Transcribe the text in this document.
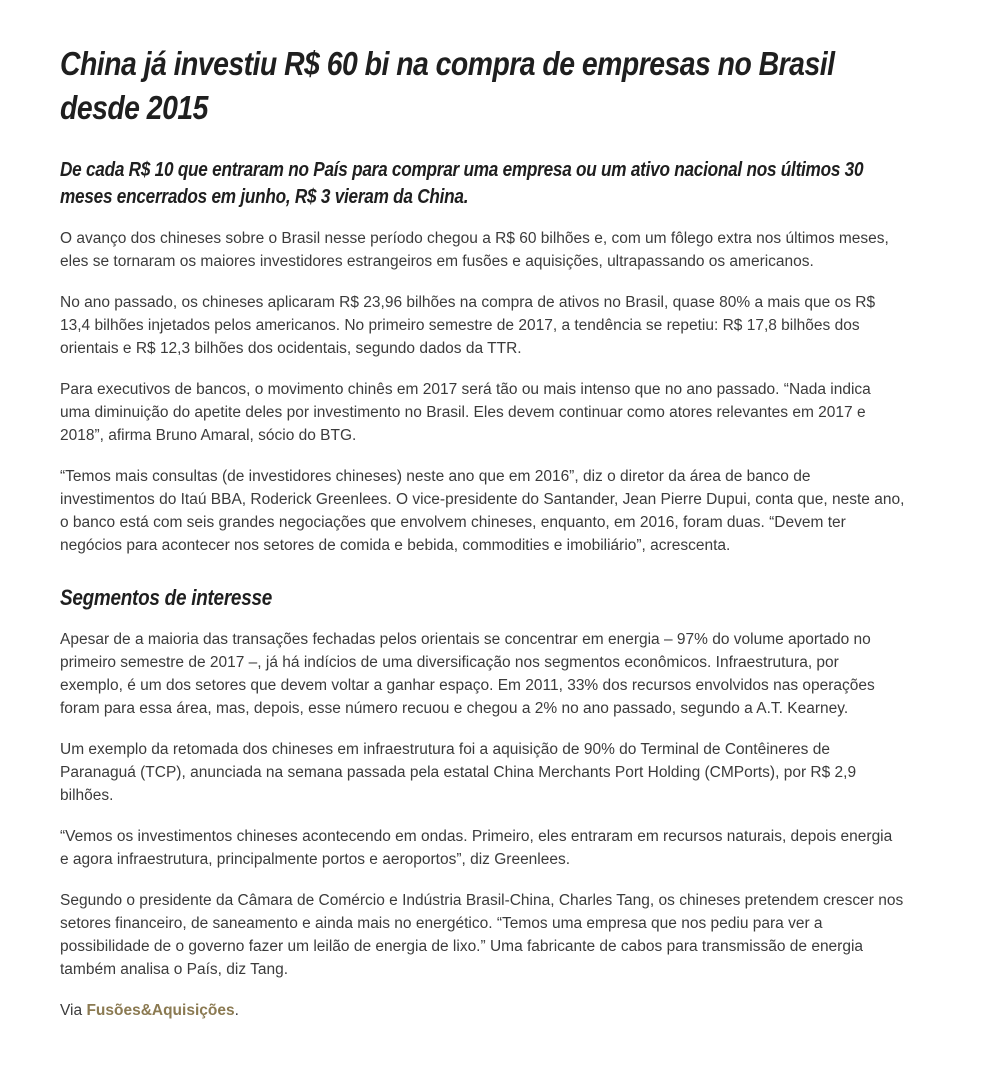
China já investiu R$ 60 bi na compra de empresas no Brasil desde 2015
De cada R$ 10 que entraram no País para comprar uma empresa ou um ativo nacional nos últimos 30 meses encerrados em junho, R$ 3 vieram da China.

O avanço dos chineses sobre o Brasil nesse período chegou a R$ 60 bilhões e, com um fôlego extra nos últimos meses, eles se tornaram os maiores investidores estrangeiros em fusões e aquisições, ultrapassando os americanos.

No ano passado, os chineses aplicaram R$ 23,96 bilhões na compra de ativos no Brasil, quase 80% a mais que os R$ 13,4 bilhões injetados pelos americanos. No primeiro semestre de 2017, a tendência se repetiu: R$ 17,8 bilhões dos orientais e R$ 12,3 bilhões dos ocidentais, segundo dados da TTR.

Para executivos de bancos, o movimento chinês em 2017 será tão ou mais intenso que no ano passado. “Nada indica uma diminuição do apetite deles por investimento no Brasil. Eles devem continuar como atores relevantes em 2017 e 2018”, afirma Bruno Amaral, sócio do BTG.

“Temos mais consultas (de investidores chineses) neste ano que em 2016”, diz o diretor da área de banco de investimentos do Itaú BBA, Roderick Greenlees. O vice-presidente do Santander, Jean Pierre Dupui, conta que, neste ano, o banco está com seis grandes negociações que envolvem chineses, enquanto, em 2016, foram duas. “Devem ter negócios para acontecer nos setores de comida e bebida, commodities e imobiliário”, acrescenta.

Segmentos de interesse

Apesar de a maioria das transações fechadas pelos orientais se concentrar em energia – 97% do volume aportado no primeiro semestre de 2017 –, já há indícios de uma diversificação nos segmentos econômicos. Infraestrutura, por exemplo, é um dos setores que devem voltar a ganhar espaço. Em 2011, 33% dos recursos envolvidos nas operações foram para essa área, mas, depois, esse número recuou e chegou a 2% no ano passado, segundo a A.T. Kearney.

Um exemplo da retomada dos chineses em infraestrutura foi a aquisição de 90% do Terminal de Contêineres de Paranaguá (TCP), anunciada na semana passada pela estatal China Merchants Port Holding (CMPorts), por R$ 2,9 bilhões.

“Vemos os investimentos chineses acontecendo em ondas. Primeiro, eles entraram em recursos naturais, depois energia e agora infraestrutura, principalmente portos e aeroportos”, diz Greenlees.

Segundo o presidente da Câmara de Comércio e Indústria Brasil-China, Charles Tang, os chineses pretendem crescer nos setores financeiro, de saneamento e ainda mais no energético. “Temos uma empresa que nos pediu para ver a possibilidade de o governo fazer um leilão de energia de lixo.” Uma fabricante de cabos para transmissão de energia também analisa o País, diz Tang.

Via Fusões&Aquisições.
